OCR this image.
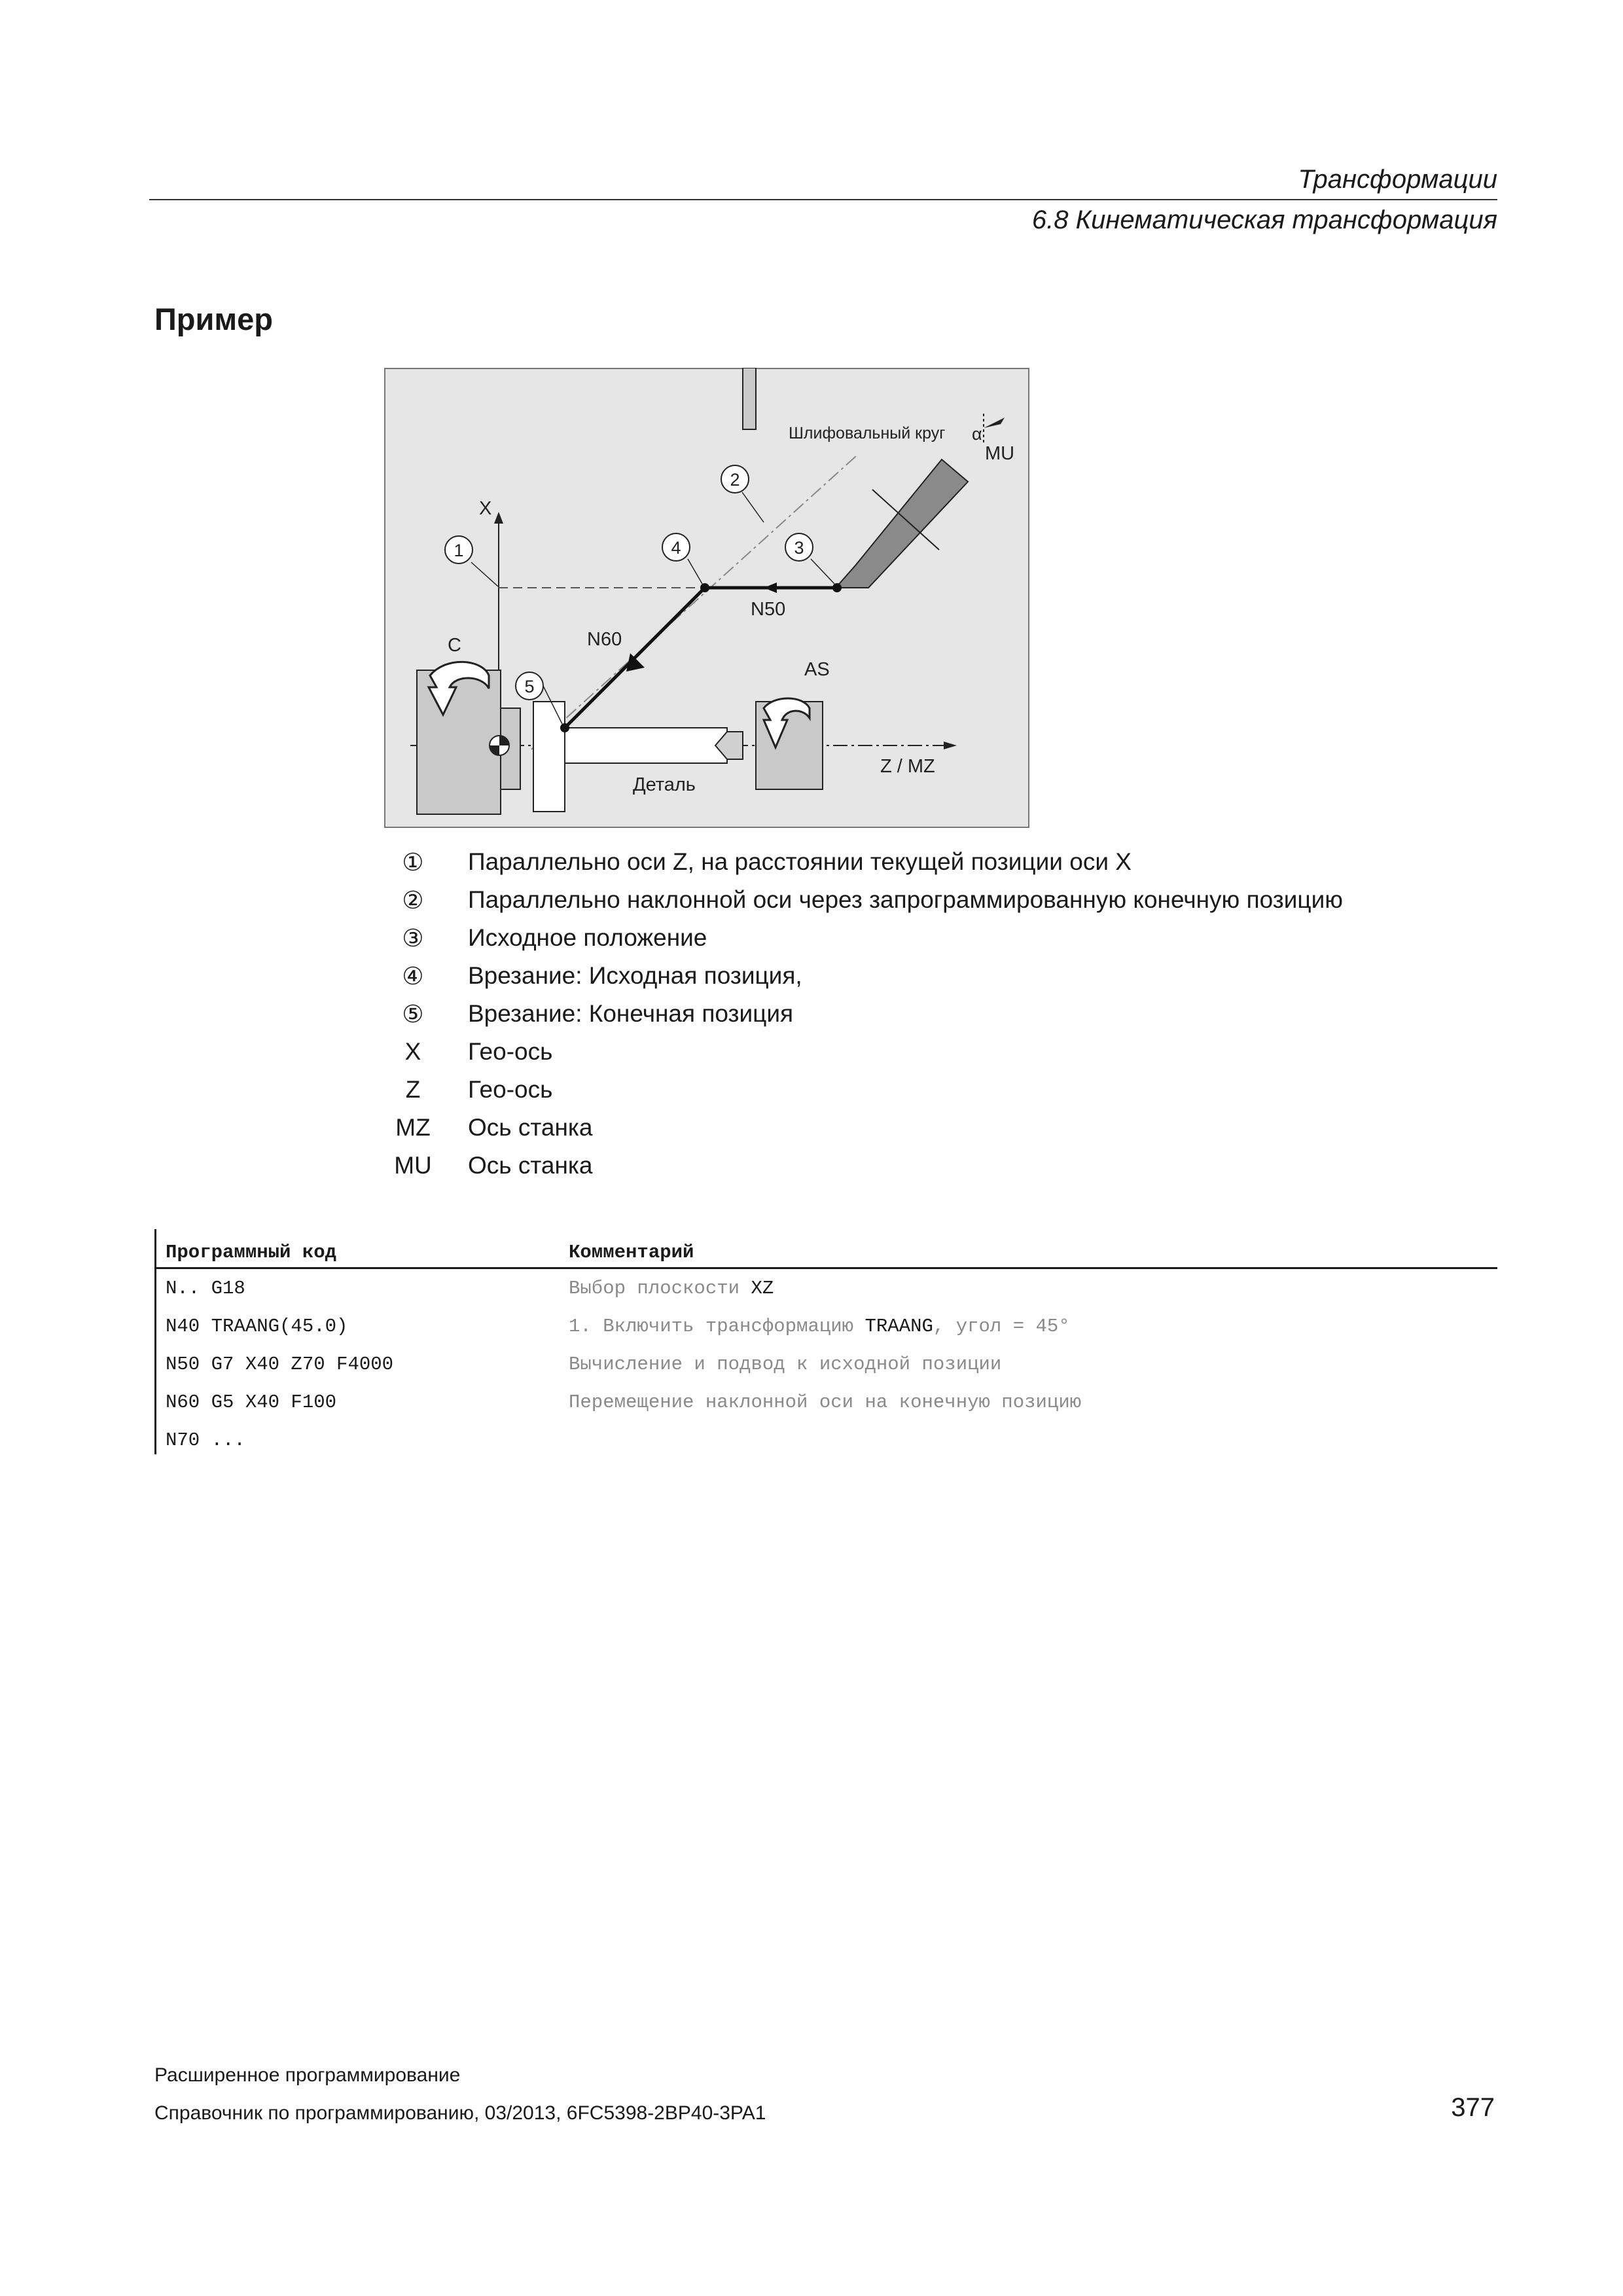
Трансформации
6.8 Кинематическая трансформация
Пример
X
Z / MZ
C
Деталь
AS
Шлифовальный круг α
MU
N50
N60
1
2
3
4
5
①	Параллельно оси Z, на расстоянии текущей позиции оси X
②	Параллельно наклонной оси через запрограммированную конечную позицию
③	Исходное положение
④	Врезание: Исходная позиция,
⑤	Врезание: Конечная позиция
X	Гео-ось
Z	Гео-ось
MZ	Ось станка
MU	Ось станка
Программный код	Комментарий
N.. G18	Выбор плоскости XZ
N40 TRAANG(45.0)	1. Включить трансформацию TRAANG, угол = 45°
N50 G7 X40 Z70 F4000	Вычисление и подвод к исходной позиции
N60 G5 X40 F100	Перемещение наклонной оси на конечную позицию
N70 ...	
Расширенное программирование
Справочник по программированию, 03/2013, 6FC5398-2BP40-3PA1	377
